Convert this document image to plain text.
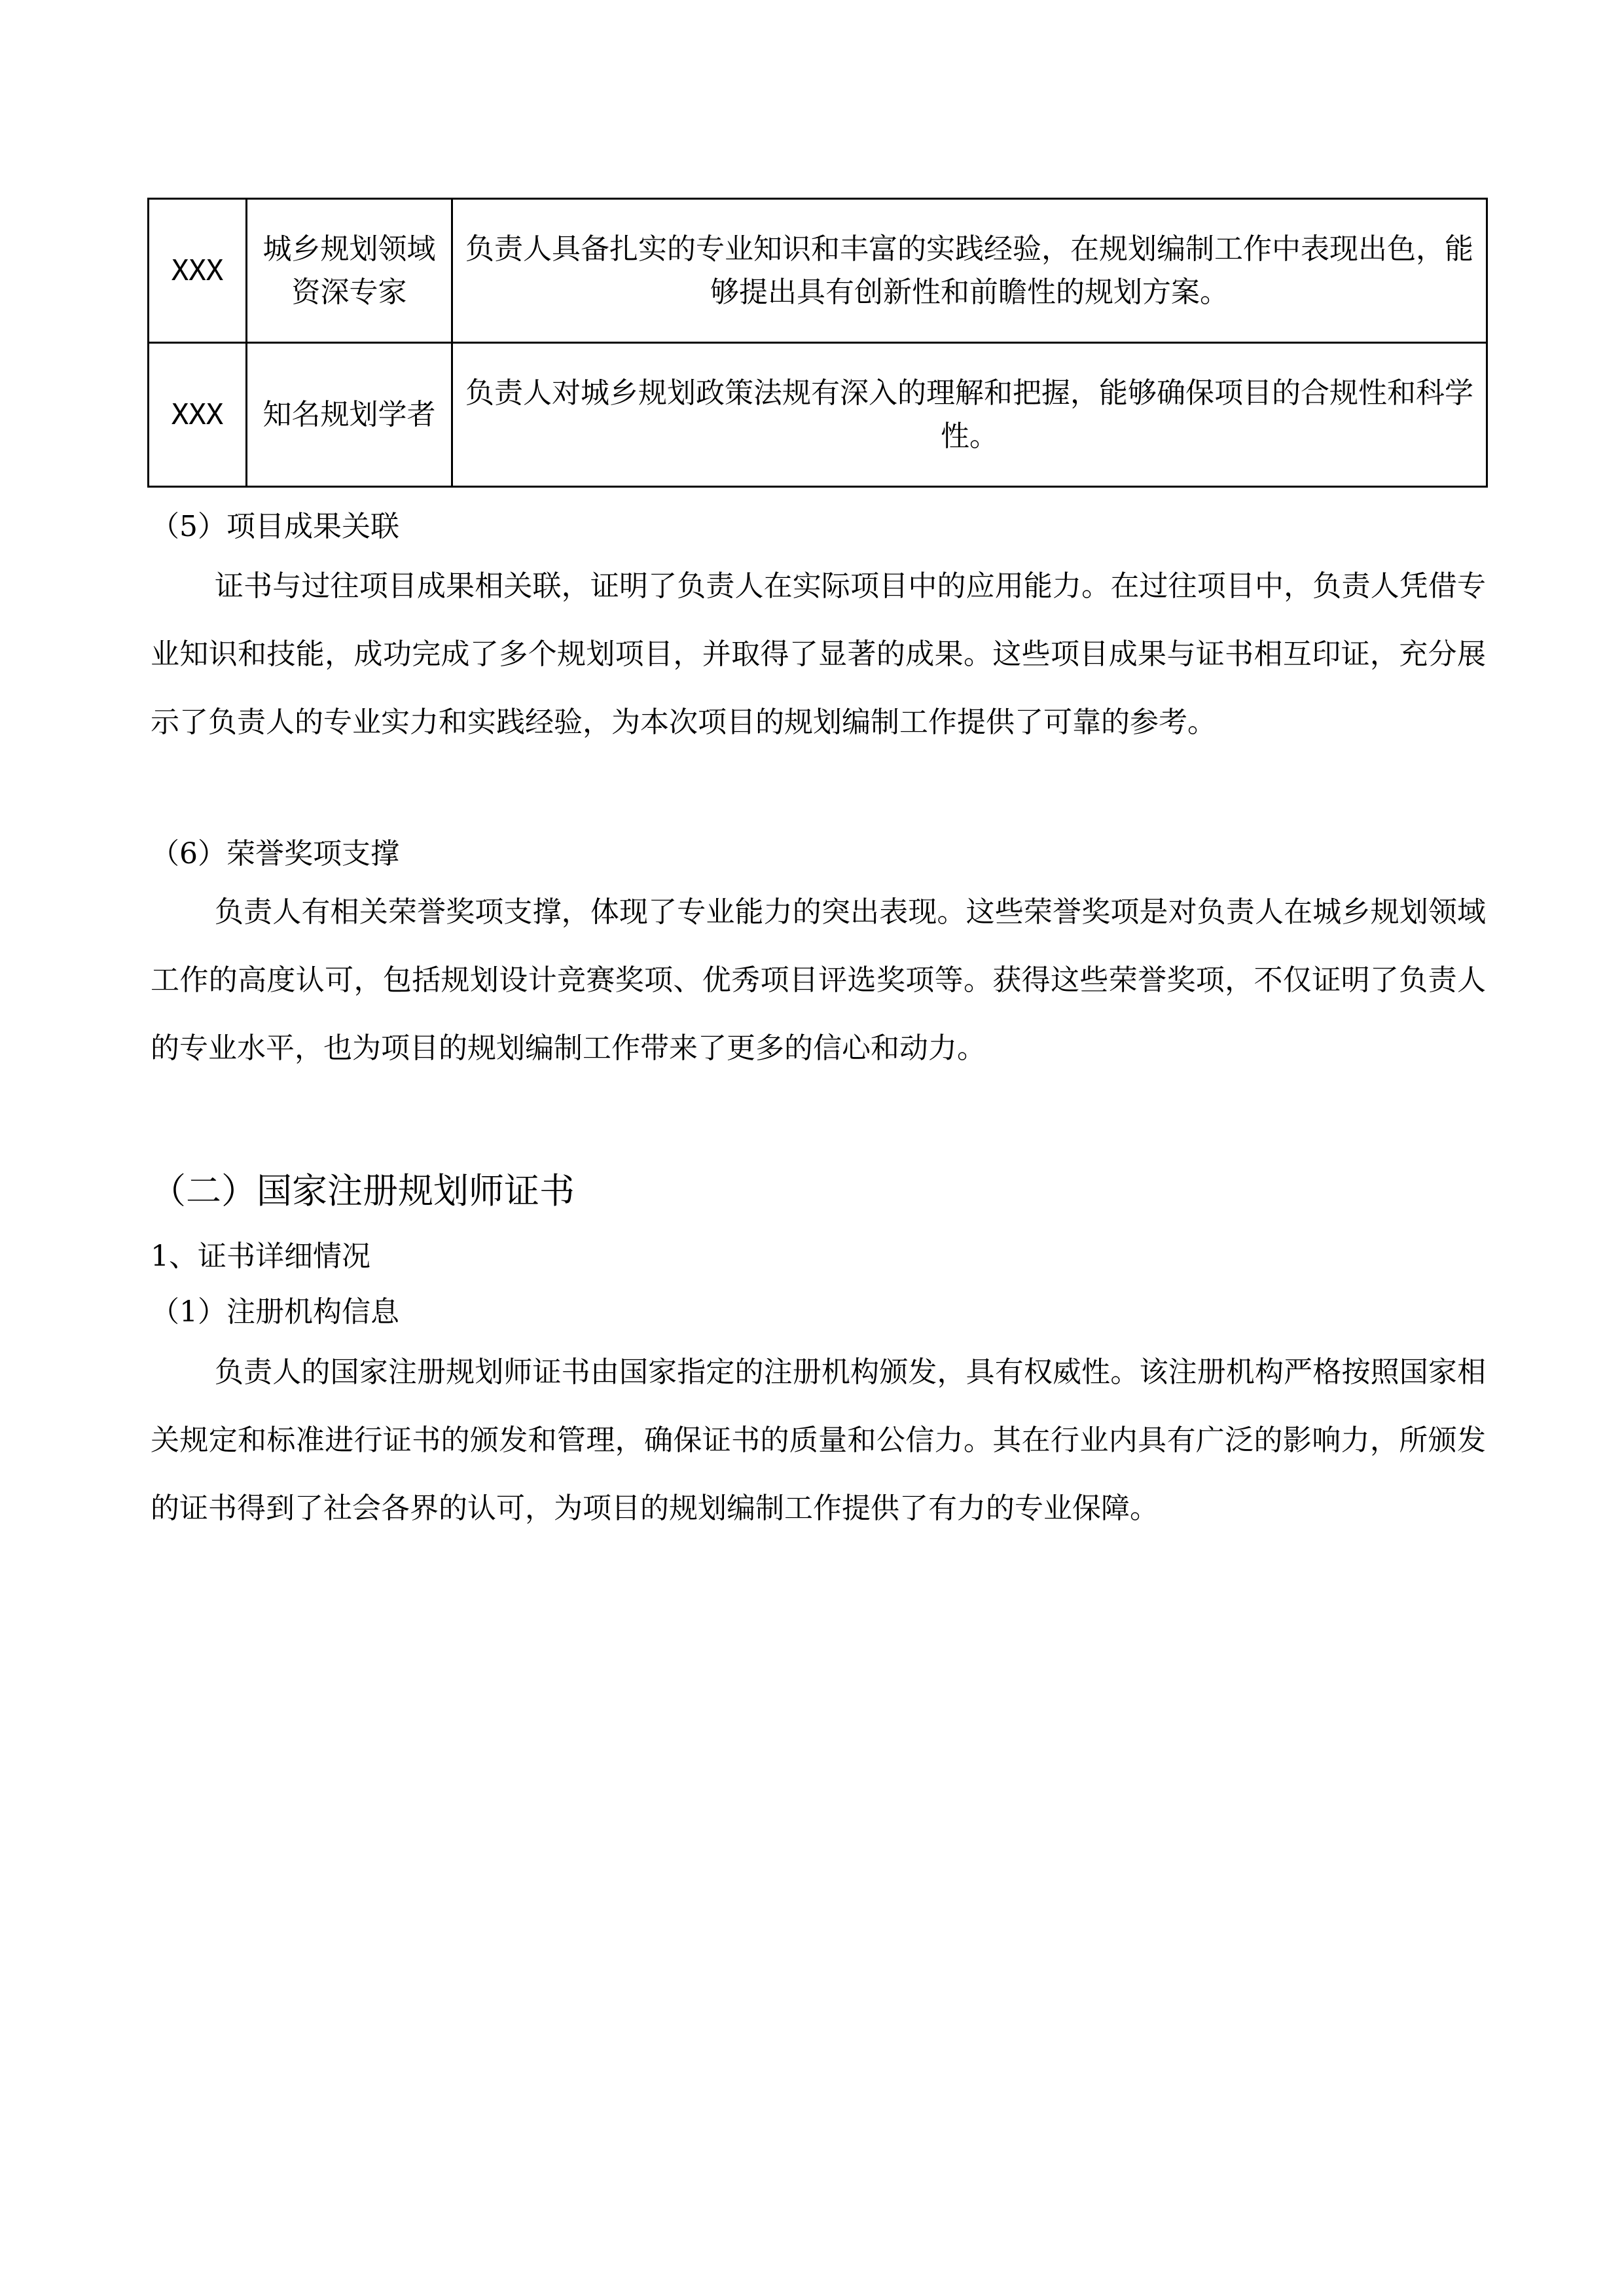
XXX	城乡规划领域资深专家	负责人具备扎实的专业知识和丰富的实践经验，在规划编制工作中表现出色，能够提出具有创新性和前瞻性的规划方案。
XXX	知名规划学者	负责人对城乡规划政策法规有深入的理解和把握，能够确保项目的合规性和科学性。
（5）项目成果关联

证书与过往项目成果相关联，证明了负责人在实际项目中的应用能力。在过往项目中，负责人凭借专业知识和技能，成功完成了多个规划项目，并取得了显著的成果。这些项目成果与证书相互印证，充分展示了负责人的专业实力和实践经验，为本次项目的规划编制工作提供了可靠的参考。

（6）荣誉奖项支撑

负责人有相关荣誉奖项支撑，体现了专业能力的突出表现。这些荣誉奖项是对负责人在城乡规划领域工作的高度认可，包括规划设计竞赛奖项、优秀项目评选奖项等。获得这些荣誉奖项，不仅证明了负责人的专业水平，也为项目的规划编制工作带来了更多的信心和动力。

（二）国家注册规划师证书
1、证书详细情况
（1）注册机构信息

负责人的国家注册规划师证书由国家指定的注册机构颁发，具有权威性。该注册机构严格按照国家相关规定和标准进行证书的颁发和管理，确保证书的质量和公信力。其在行业内具有广泛的影响力，所颁发的证书得到了社会各界的认可，为项目的规划编制工作提供了有力的专业保障。
